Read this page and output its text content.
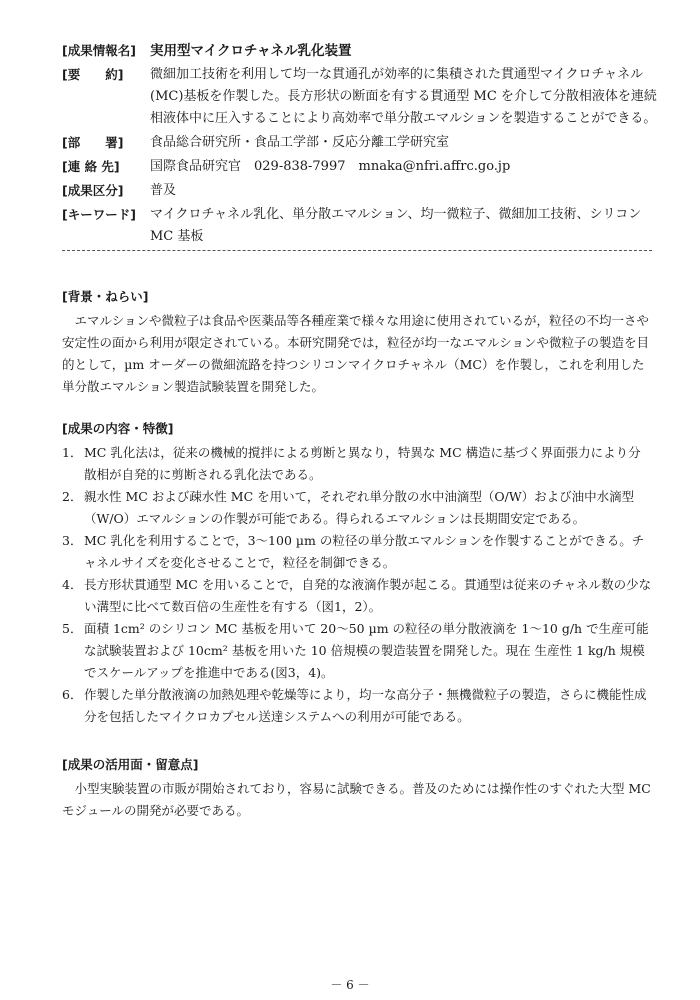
[成果情報名]	実用型マイクロチャネル乳化装置
[要　　約]	微細加工技術を利用して均一な貫通孔が効率的に集積された貫通型マイクロチャネル(MC)基板を作製した。長方形状の断面を有する貫通型 MC を介して分散相液体を連続相液体中に圧入することにより高効率で単分散エマルションを製造することができる。
[部　　署]	食品総合研究所・食品工学部・反応分離工学研究室
[連 絡 先]	国際食品研究官　029-838-7997　mnaka@nfri.affrc.go.jp
[成果区分]	普及
[キーワード]	マイクロチャネル乳化、単分散エマルション、均一微粒子、微細加工技術、シリコン MC 基板
[背景・ねらい]
エマルションや微粒子は食品や医薬品等各種産業で様々な用途に使用されているが，粒径の不均一さや安定性の面から利用が限定されている。本研究開発では，粒径が均一なエマルションや微粒子の製造を目的として，µm オーダーの微細流路を持つシリコンマイクロチャネル（MC）を作製し，これを利用した単分散エマルション製造試験装置を開発した。
[成果の内容・特徴]
1． MC 乳化法は，従来の機械的撹拌による剪断と異なり，特異な MC 構造に基づく界面張力により分散相が自発的に剪断される乳化法である。
2． 親水性 MC および疎水性 MC を用いて，それぞれ単分散の水中油滴型（O/W）および油中水滴型（W/O）エマルションの作製が可能である。得られるエマルションは長期間安定である。
3． MC 乳化を利用することで，3～100 µm の粒径の単分散エマルションを作製することができる。チャネルサイズを変化させることで，粒径を制御できる。
4． 長方形状貫通型 MC を用いることで，自発的な液滴作製が起こる。貫通型は従来のチャネル数の少ない溝型に比べて数百倍の生産性を有する（図1，2）。
5． 面積 1cm² のシリコン MC 基板を用いて 20～50 µm の粒径の単分散液滴を 1～10 g/h で生産可能な試験装置および 10cm² 基板を用いた 10 倍規模の製造装置を開発した。現在 生産性 1 kg/h 規模でスケールアップを推進中である(図3，4)。
6． 作製した単分散液滴の加熱処理や乾燥等により，均一な高分子・無機微粒子の製造，さらに機能性成分を包括したマイクロカプセル送達システムへの利用が可能である。
[成果の活用面・留意点]
小型実験装置の市販が開始されており，容易に試験できる。普及のためには操作性のすぐれた大型 MC モジュールの開発が必要である。
－ 6 －
